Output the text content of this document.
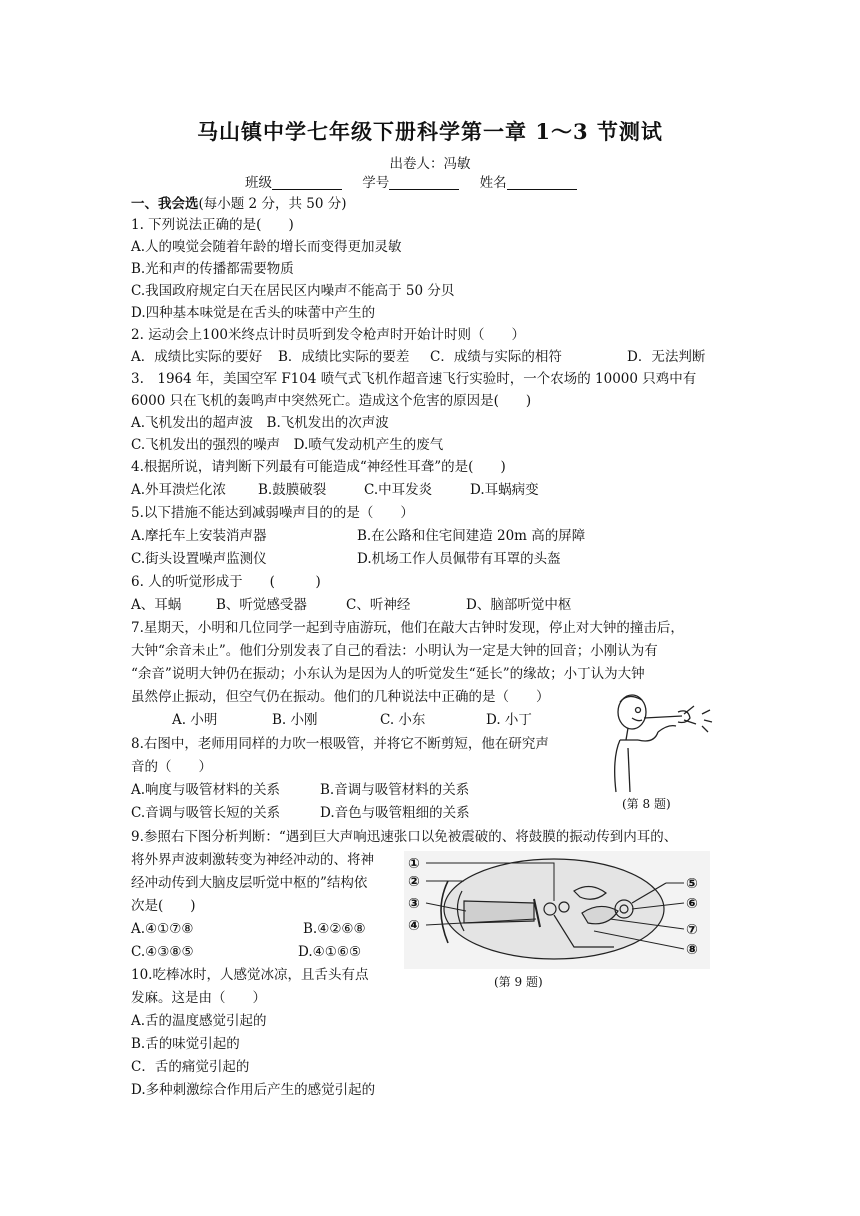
马山镇中学七年级下册科学第一章 1～3 节测试
出卷人：冯敏
班级	学号	姓名
一、我会选(每小题 2 分，共 50 分)
1. 下列说法正确的是(　　)
A.人的嗅觉会随着年龄的增长而变得更加灵敏
B.光和声的传播都需要物质
C.我国政府规定白天在居民区内噪声不能高于 50 分贝
D.四种基本味觉是在舌头的味蕾中产生的
2. 运动会上100米终点计时员听到发令枪声时开始计时则（　　）
A．成绩比实际的要好 B．成绩比实际的要差 C．成绩与实际的相符	D．无法判断
3.　1964 年，美国空军 F104 喷气式飞机作超音速飞行实验时，一个农场的 10000 只鸡中有
6000 只在飞机的轰鸣声中突然死亡。造成这个危害的原因是(　　)
A.飞机发出的超声波　B.飞机发出的次声波
C.飞机发出的强烈的噪声　D.喷气发动机产生的废气
4.根据所说，请判断下列最有可能造成“神经性耳聋”的是(　　)
A.外耳溃烂化浓 B.鼓膜破裂	C.中耳发炎	D.耳蜗病变
5.以下措施不能达到减弱噪声目的的是（　　）
A.摩托车上安装消声器	B.在公路和住宅间建造 20m 高的屏障
C.街头设置噪声监测仪	D.机场工作人员佩带有耳罩的头盔
6. 人的听觉形成于　　(　　　)
A、耳蜗	B、听觉感受器	C、听神经	D、脑部听觉中枢
7.星期天，小明和几位同学一起到寺庙游玩，他们在敲大古钟时发现，停止对大钟的撞击后，
大钟“余音未止”。他们分别发表了自己的看法：小明认为一定是大钟的回音；小刚认为有
“余音”说明大钟仍在振动；小东认为是因为人的听觉发生“延长”的缘故；小丁认为大钟
虽然停止振动，但空气仍在振动。他们的几种说法中正确的是（　　）
A. 小明	B. 小刚	C. 小东	D. 小丁
8.右图中，老师用同样的力吹一根吸管，并将它不断剪短，他在研究声
音的（　　）
A.响度与吸管材料的关系	B.音调与吸管材料的关系
C.音调与吸管长短的关系	D.音色与吸管粗细的关系
(第 8 题)
9.参照右下图分析判断：“遇到巨大声响迅速张口以免被震破的、将鼓膜的振动传到内耳的、
将外界声波刺激转变为神经冲动的、将神
经冲动传到大脑皮层听觉中枢的”结构依
次是(　　)
A.④①⑦⑧	B.④②⑥⑧
C.④③⑧⑤	D.④①⑥⑤
①
②
③
④
⑤
⑥
⑦
⑧
(第 9 题)
10.吃棒冰时，人感觉冰凉，且舌头有点
发麻。这是由（　　）
A.舌的温度感觉引起的
B.舌的味觉引起的
C．舌的痛觉引起的
D.多种刺激综合作用后产生的感觉引起的
